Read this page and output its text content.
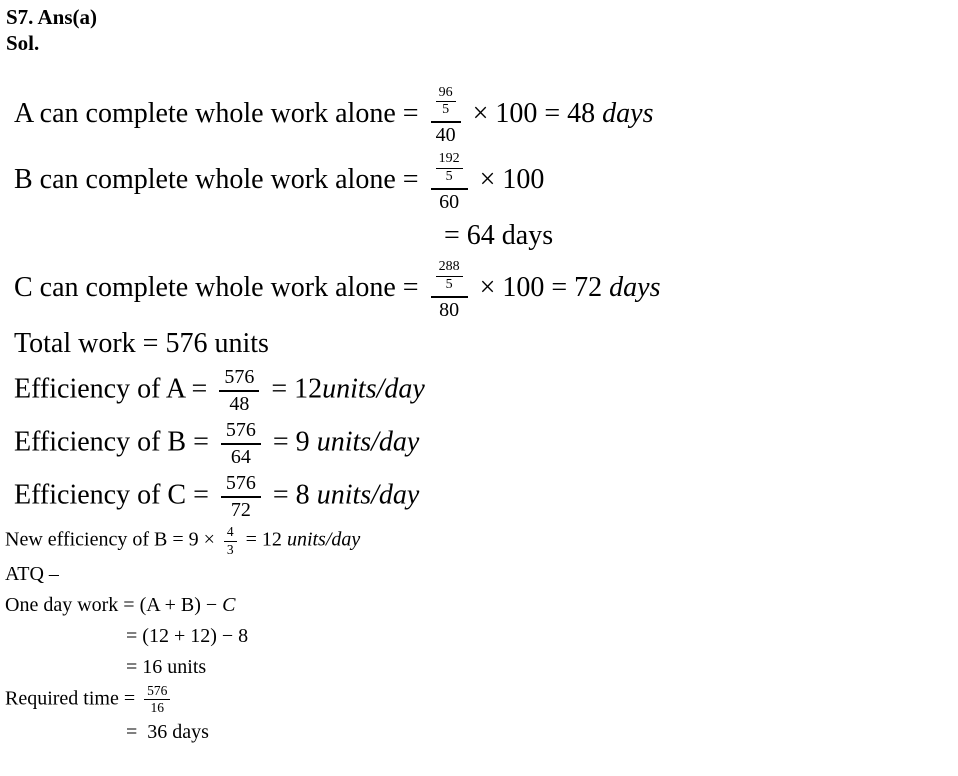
S7. Ans(a)
Sol.
A can complete whole work alone = $\frac{\frac{96}{5}}{40} \times 100 = 48$ days
B can complete whole work alone = $\frac{\frac{192}{5}}{60} \times 100$
= 64 days
C can complete whole work alone = $\frac{\frac{288}{5}}{80} \times 100 = 72$ days
Total work = 576 units
Efficiency of $A = \frac{576}{48}$ = 12units/day
Efficiency of $B = \frac{576}{64} = 9$ units/day
Efficiency of $C = \frac{576}{72} = 8$ units/day
New efficiency of $B = 9 \times \frac{4}{3} = 12$ units/day
ATQ –
One day work = (A + B) − C
= (12 + 12) − 8
= 16 units
Required time = $\frac{576}{16}$
=  36 days
